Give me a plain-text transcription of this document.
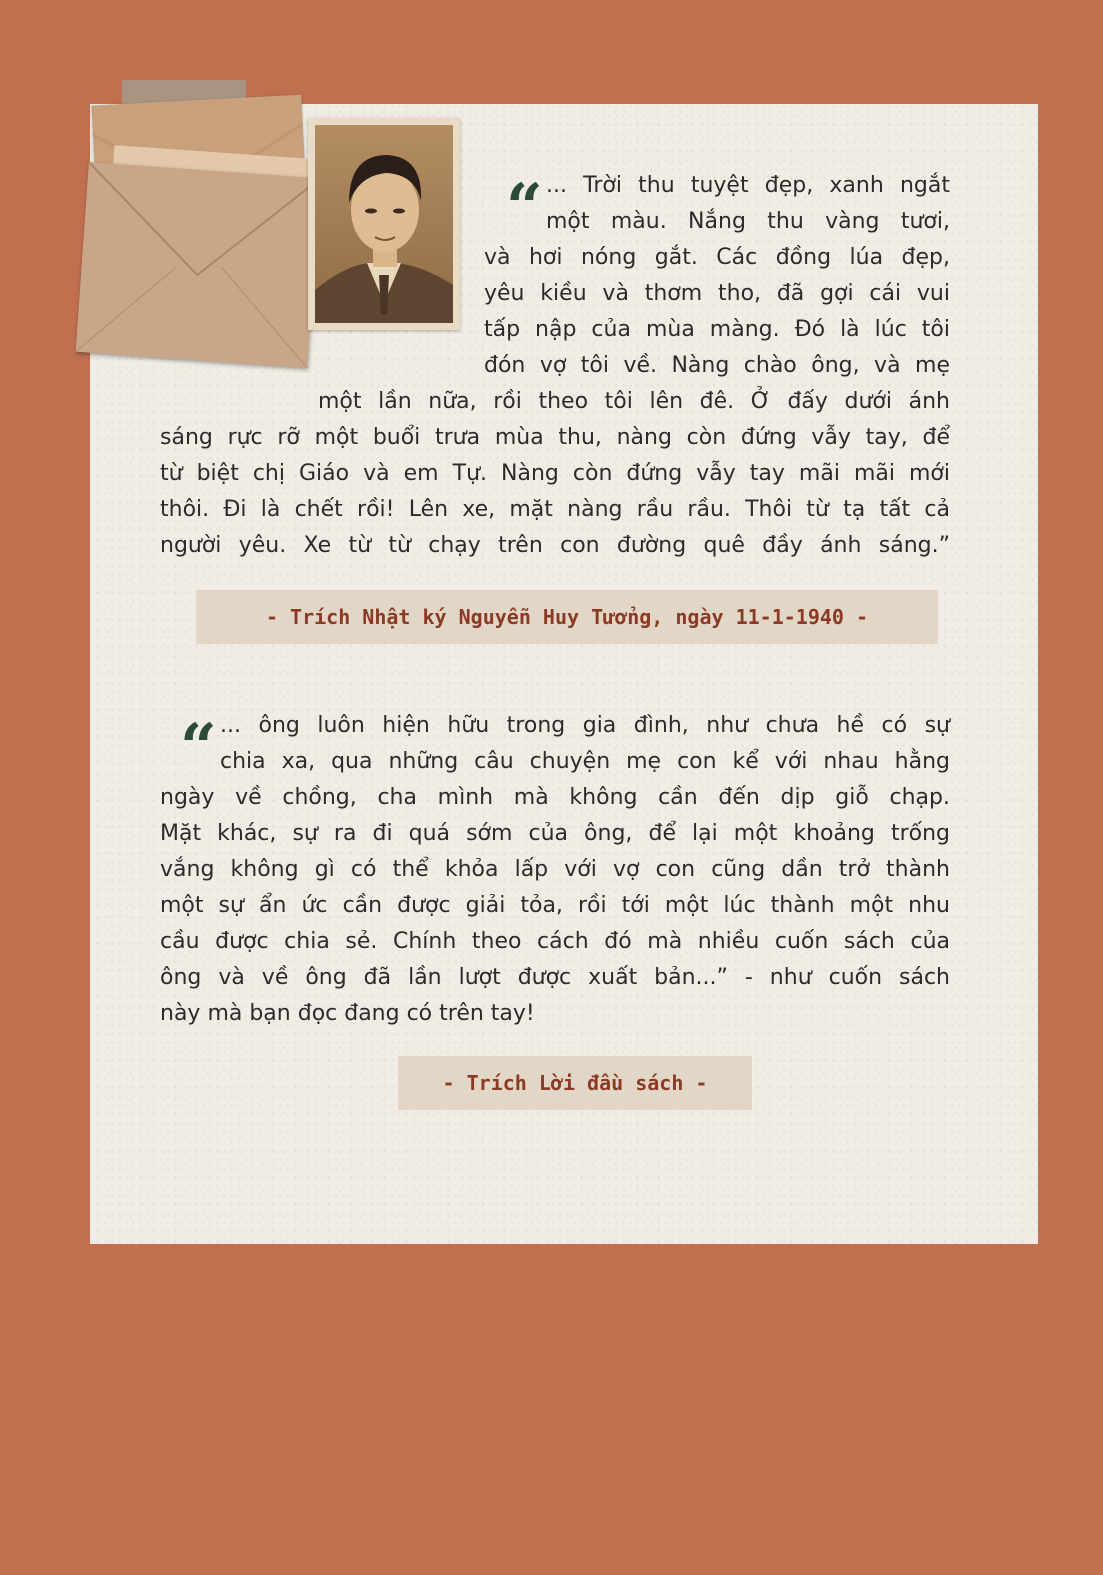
“ ... Trời thu tuyệt đẹp, xanh ngắt
một màu. Nắng thu vàng tươi,
và hơi nóng gắt. Các đồng lúa đẹp,
yêu kiều và thơm tho, đã gợi cái vui
tấp nập của mùa màng. Đó là lúc tôi
đón vợ tôi về. Nàng chào ông, và mẹ
một lần nữa, rồi theo tôi lên đê. Ở đấy dưới ánh
sáng rực rỡ một buổi trưa mùa thu, nàng còn đứng vẫy tay, để
từ biệt chị Giáo và em Tự. Nàng còn đứng vẫy tay mãi mãi mới
thôi. Đi là chết rồi! Lên xe, mặt nàng rầu rầu. Thôi từ tạ tất cả
người yêu. Xe từ từ chạy trên con đường quê đầy ánh sáng.”
- Trích Nhật ký Nguyễn Huy Tưởng, ngày 11-1-1940 -
“ ... ông luôn hiện hữu trong gia đình, như chưa hề có sự
chia xa, qua những câu chuyện mẹ con kể với nhau hằng
ngày về chồng, cha mình mà không cần đến dịp giỗ chạp.
Mặt khác, sự ra đi quá sớm của ông, để lại một khoảng trống
vắng không gì có thể khỏa lấp với vợ con cũng dần trở thành
một sự ẩn ức cần được giải tỏa, rồi tới một lúc thành một nhu
cầu được chia sẻ. Chính theo cách đó mà nhiều cuốn sách của
ông và về ông đã lần lượt được xuất bản...” - như cuốn sách
này mà bạn đọc đang có trên tay!
- Trích Lời đầu sách -
